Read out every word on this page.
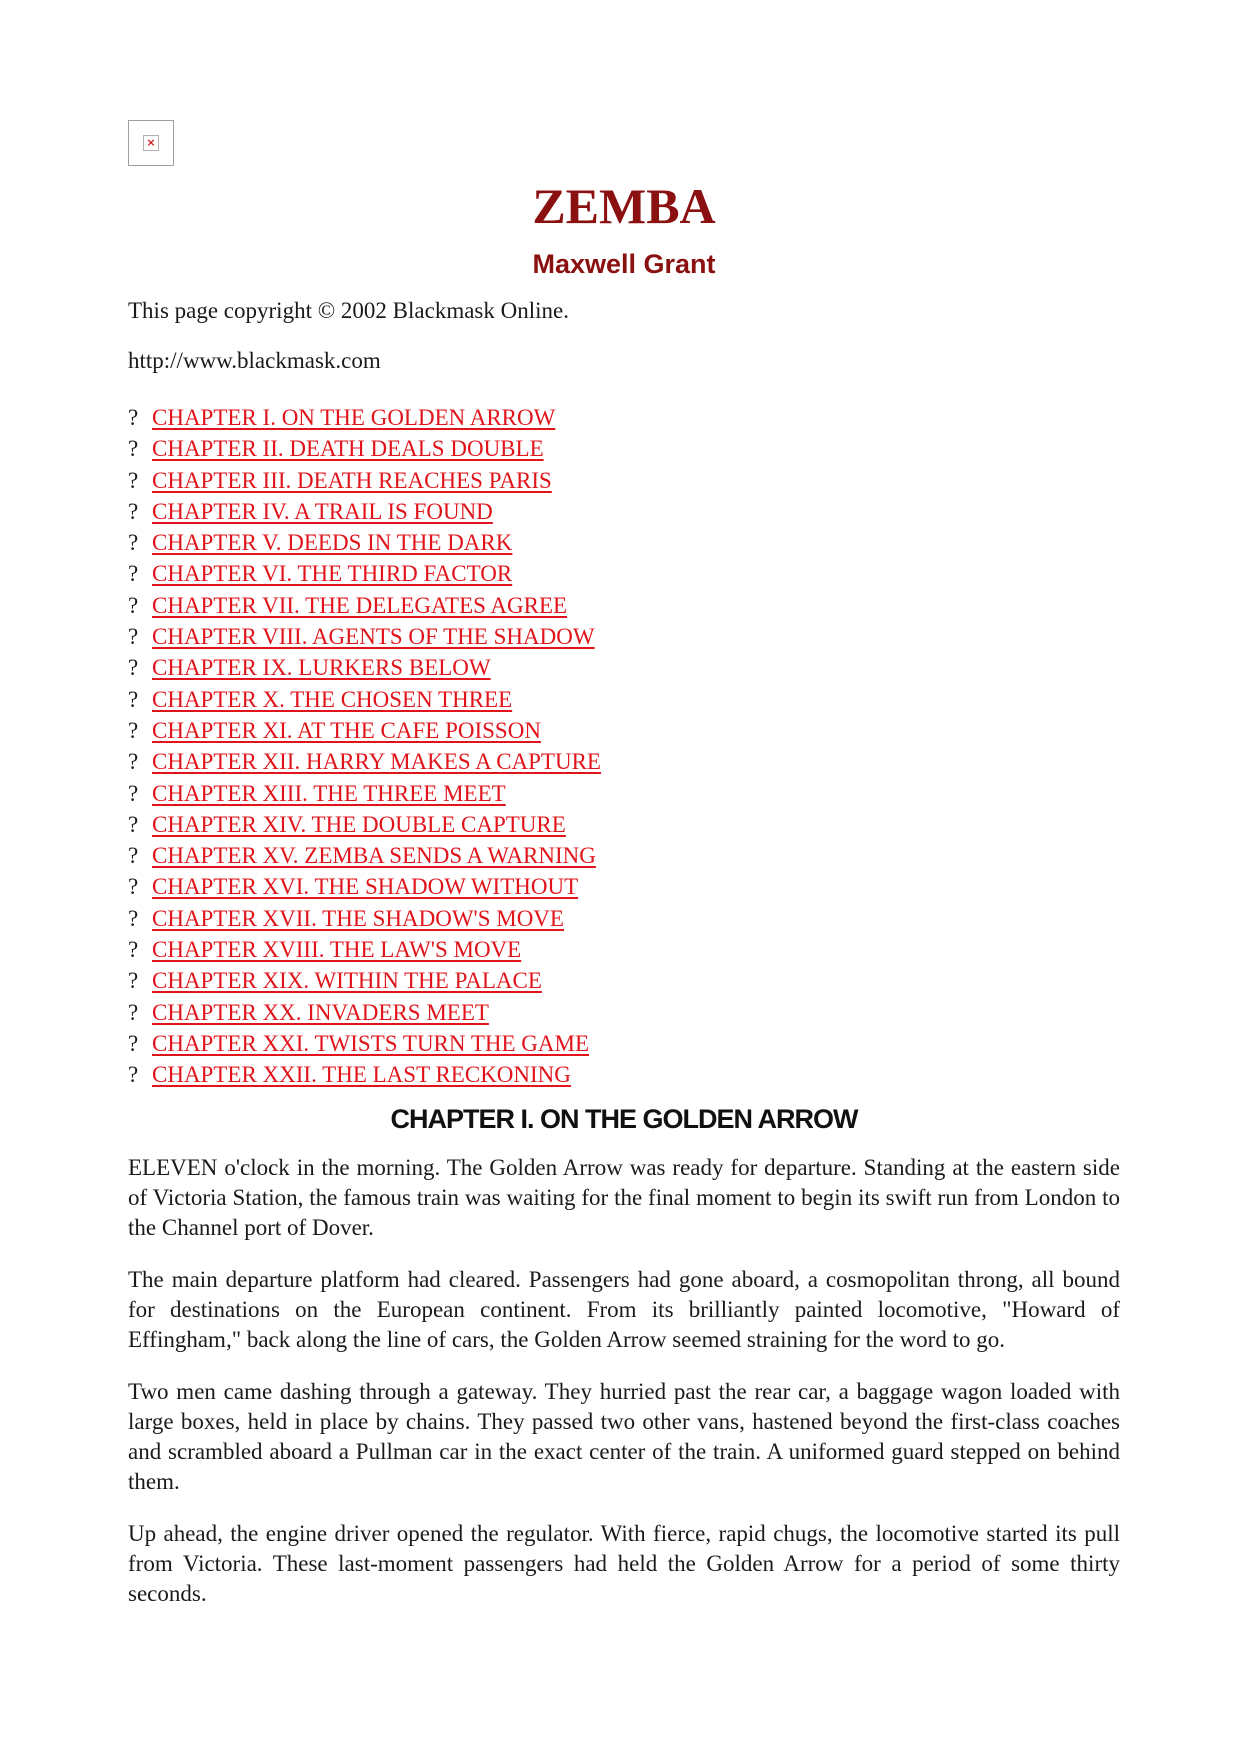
×
ZEMBA
Maxwell Grant

This page copyright © 2002 Blackmask Online.

http://www.blackmask.com

? CHAPTER I. ON THE GOLDEN ARROW
? CHAPTER II. DEATH DEALS DOUBLE
? CHAPTER III. DEATH REACHES PARIS
? CHAPTER IV. A TRAIL IS FOUND
? CHAPTER V. DEEDS IN THE DARK
? CHAPTER VI. THE THIRD FACTOR
? CHAPTER VII. THE DELEGATES AGREE
? CHAPTER VIII. AGENTS OF THE SHADOW
? CHAPTER IX. LURKERS BELOW
? CHAPTER X. THE CHOSEN THREE
? CHAPTER XI. AT THE CAFE POISSON
? CHAPTER XII. HARRY MAKES A CAPTURE
? CHAPTER XIII. THE THREE MEET
? CHAPTER XIV. THE DOUBLE CAPTURE
? CHAPTER XV. ZEMBA SENDS A WARNING
? CHAPTER XVI. THE SHADOW WITHOUT
? CHAPTER XVII. THE SHADOW'S MOVE
? CHAPTER XVIII. THE LAW'S MOVE
? CHAPTER XIX. WITHIN THE PALACE
? CHAPTER XX. INVADERS MEET
? CHAPTER XXI. TWISTS TURN THE GAME
? CHAPTER XXII. THE LAST RECKONING
CHAPTER I. ON THE GOLDEN ARROW

ELEVEN o'clock in the morning. The Golden Arrow was ready for departure. Standing at the eastern side of Victoria Station, the famous train was waiting for the final moment to begin its swift run from London to the Channel port of Dover.

The main departure platform had cleared. Passengers had gone aboard, a cosmopolitan throng, all bound for destinations on the European continent. From its brilliantly painted locomotive, "Howard of Effingham," back along the line of cars, the Golden Arrow seemed straining for the word to go.

Two men came dashing through a gateway. They hurried past the rear car, a baggage wagon loaded with large boxes, held in place by chains. They passed two other vans, hastened beyond the first-class coaches and scrambled aboard a Pullman car in the exact center of the train. A uniformed guard stepped on behind them.

Up ahead, the engine driver opened the regulator. With fierce, rapid chugs, the locomotive started its pull from Victoria. These last-moment passengers had held the Golden Arrow for a period of some thirty seconds.
